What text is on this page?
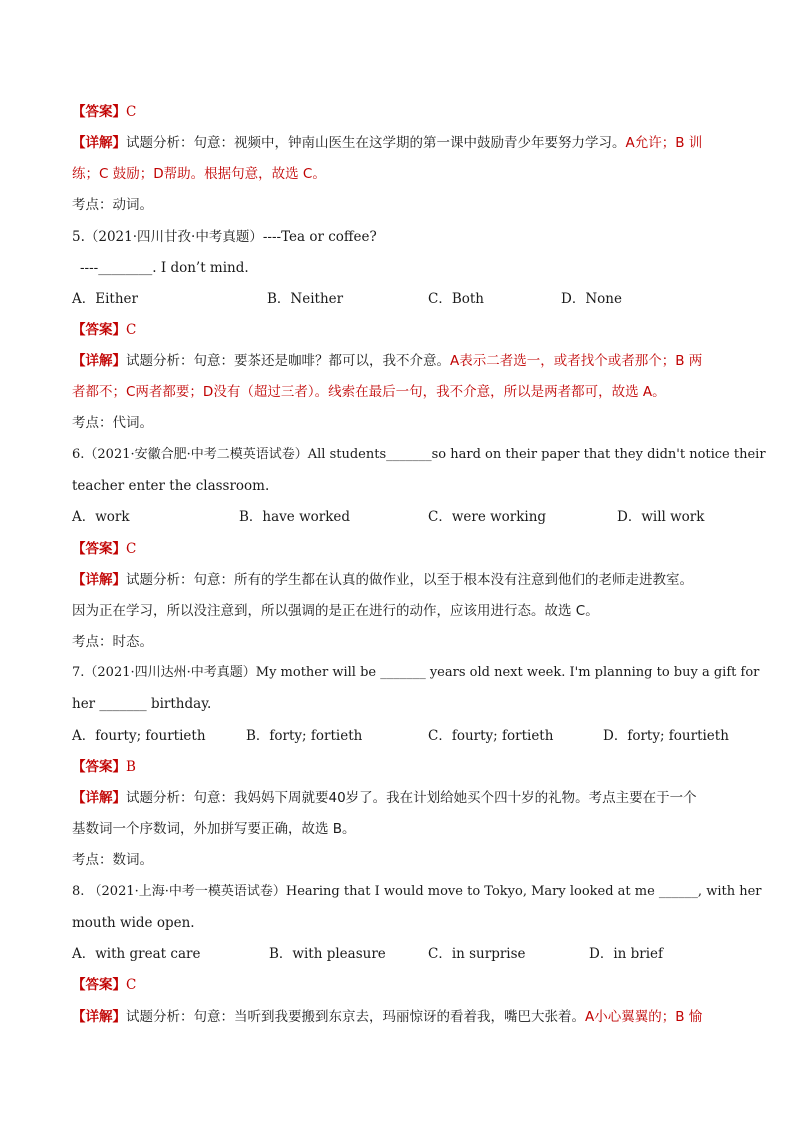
【答案】C
【详解】试题分析：句意：视频中，钟南山医生在这学期的第一课中鼓励青少年要努力学习。A允许；B 训
练；C 鼓励；D帮助。根据句意，故选 C。
考点：动词。
5.（2021·四川甘孜·中考真题）----Tea or coffee?
----________. I don’t mind.
A．Either	B．Neither	C．Both	D．None
【答案】C
【详解】试题分析：句意：要茶还是咖啡？都可以，我不介意。A表示二者选一，或者找个或者那个；B 两
者都不；C两者都要；D没有（超过三者）。线索在最后一句，我不介意，所以是两者都可，故选 A。
考点：代词。
6.（2021·安徽合肥·中考二模英语试卷）All students_______so hard on their paper that they didn't notice their
teacher enter the classroom.
A．work	B．have worked	C．were working	D．will work
【答案】C
【详解】试题分析：句意：所有的学生都在认真的做作业，以至于根本没有注意到他们的老师走进教室。
因为正在学习，所以没注意到，所以强调的是正在进行的动作，应该用进行态。故选 C。
考点：时态。
7.（2021·四川达州·中考真题）My mother will be _______ years old next week. I'm planning to buy a gift for
her _______ birthday.
A．fourty; fourtieth	B．forty; fortieth	C．fourty; fortieth	D．forty; fourtieth
【答案】B
【详解】试题分析：句意：我妈妈下周就要40岁了。我在计划给她买个四十岁的礼物。考点主要在于一个
基数词一个序数词，外加拼写要正确，故选 B。
考点：数词。
8. （2021·上海·中考一模英语试卷）Hearing that I would move to Tokyo, Mary looked at me ______, with her
mouth wide open.
A．with great care	B．with pleasure	C．in surprise	D．in brief
【答案】C
【详解】试题分析：句意：当听到我要搬到东京去，玛丽惊讶的看着我，嘴巴大张着。A小心翼翼的；B 愉
